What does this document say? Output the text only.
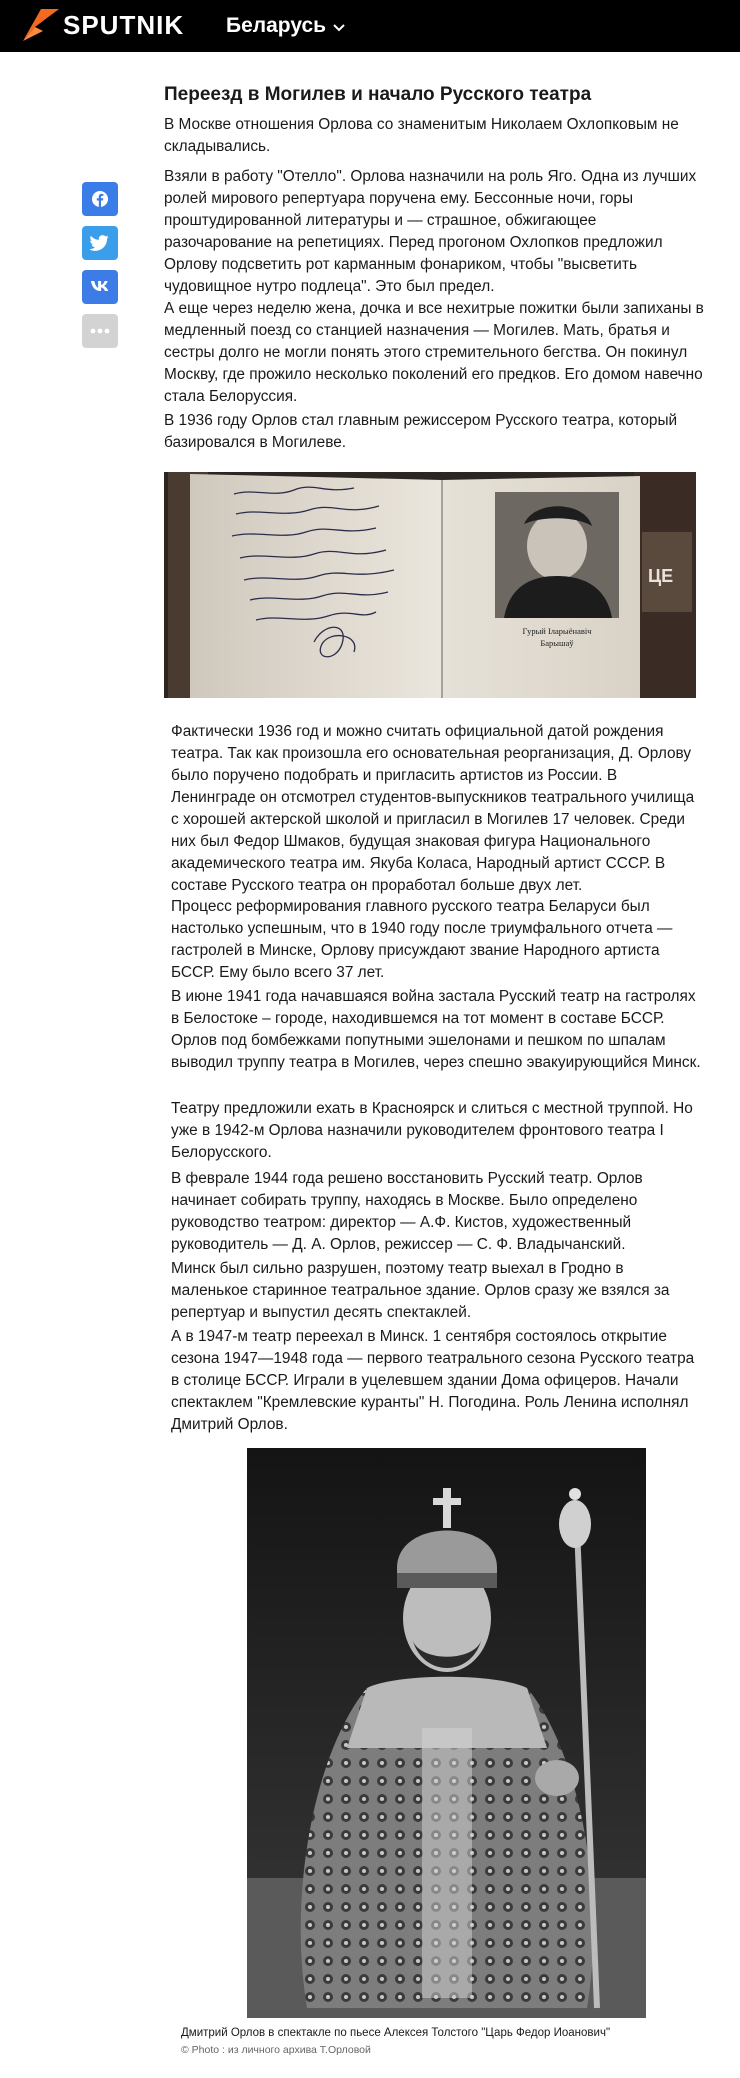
SPUTNIK Беларусь
Переезд в Могилев и начало Русского театра

В Москве отношения Орлова со знаменитым Николаем Охлопковым не складывались.

Взяли в работу "Отелло". Орлова назначили на роль Яго. Одна из лучших ролей мирового репертуара поручена ему. Бессонные ночи, горы проштудированной литературы и — страшное, обжигающее разочарование на репетициях. Перед прогоном Охлопков предложил Орлову подсветить рот карманным фонариком, чтобы "высветить чудовищное нутро подлеца". Это был предел.

А еще через неделю жена, дочка и все нехитрые пожитки были запиханы в медленный поезд со станцией назначения — Могилев. Мать, братья и сестры долго не могли понять этого стремительного бегства. Он покинул Москву, где прожило несколько поколений его предков. Его домом навечно стала Белоруссия.

В 1936 году Орлов стал главным режиссером Русского театра, который базировался в Могилеве.

ЦЕ
Гурый Іларыёнавіч
Барышаў

Фактически 1936 год и можно считать официальной датой рождения театра. Так как произошла его основательная реорганизация, Д. Орлову было поручено подобрать и пригласить артистов из России. В Ленинграде он отсмотрел студентов-выпускников театрального училища с хорошей актерской школой и пригласил в Могилев 17 человек. Среди них был Федор Шмаков, будущая знаковая фигура Национального академического театра им. Якуба Коласа, Народный артист СССР. В составе Русского театра он проработал больше двух лет.

Процесс реформирования главного русского театра Беларуси был настолько успешным, что в 1940 году после триумфального отчета — гастролей в Минске, Орлову присуждают звание Народного артиста БССР. Ему было всего 37 лет.

В июне 1941 года начавшаяся война застала Русский театр на гастролях в Белостоке – городе, находившемся на тот момент в составе БССР. Орлов под бомбежками попутными эшелонами и пешком по шпалам выводил труппу театра в Могилев, через спешно эвакуирующийся Минск.

Театру предложили ехать в Красноярск и слиться с местной труппой. Но уже в 1942-м Орлова назначили руководителем фронтового театра I Белорусского.

В феврале 1944 года решено восстановить Русский театр. Орлов начинает собирать труппу, находясь в Москве. Было определено руководство театром: директор — А.Ф. Кистов, художественный руководитель — Д. А. Орлов, режиссер — С. Ф. Владычанский.

Минск был сильно разрушен, поэтому театр выехал в Гродно в маленькое старинное театральное здание. Орлов сразу же взялся за репертуар и выпустил десять спектаклей.

А в 1947-м театр переехал в Минск. 1 сентября состоялось открытие сезона 1947—1948 года — первого театрального сезона Русского театра в столице БССР. Играли в уцелевшем здании Дома офицеров. Начали спектаклем "Кремлевские куранты" Н. Погодина. Роль Ленина исполнял Дмитрий Орлов.

Дмитрий Орлов в спектакле по пьесе Алексея Толстого "Царь Федор Иоанович"
© Photo : из личного архива Т.Орловой
